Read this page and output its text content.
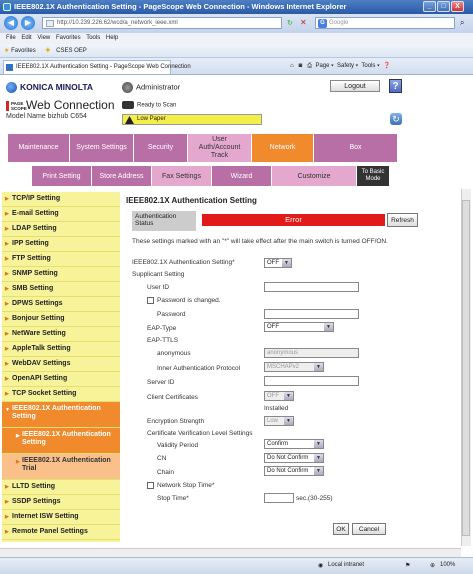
IEEE802.1X Authentication Setting - PageScope Web Connection - Windows Internet Explorer	_	□	X
◀	▶	http://10.239.226.62/wcd/a_network_ieee.xml	↻ ✕	G Google	⌕
File Edit View Favorites Tools Help
★ Favorites ✚ CSES OEP
IEEE802.1X Authentication Setting - PageScope Web Connection	⌂ ◙ ⎙ Page ▾  Safety ▾  Tools ▾  ❓
KONICA MINOLTA
PAGE SCOPEWeb Connection
Model Name bizhub C654
Administrator
Ready to Scan
Low Paper
Logout	?
↻
Maintenance	System Settings	Security
User Auth/Account Track
Network	Box
Print Setting	Store Address	Fax Settings	Wizard	Customize
To Basic Mode
▶ TCP/IP Setting
▶ E-mail Setting
▶ LDAP Setting
▶ IPP Setting
▶ FTP Setting
▶ SNMP Setting
▶ SMB Setting
▶ DPWS Settings
▶ Bonjour Setting
▶ NetWare Setting
▶ AppleTalk Setting
▶ WebDAV Settings
▶ OpenAPI Setting
▶ TCP Socket Setting
▼ IEEE802.1X Authentication Setting
▶ IEEE802.1X Authentication Setting
▶ IEEE802.1X Authentication Trial
▶ LLTD Setting
▶ SSDP Settings
▶ Internet ISW Setting
▶ Remote Panel Settings
IEEE802.1X Authentication Setting
Authentication Status	Error	Refresh
These settings marked with an "*" will take effect after the main switch is turned OFF/ON.
IEEE802.1X Authentication Setting*	OFF	▼
Supplicant Setting
User ID
Password is changed.
Password
EAP-Type	OFF	▼
EAP-TTLS
anonymous	anonymous
Inner Authentication Protocol	MSCHAPv2	▼
Server ID
Client Certificates	OFF	▼
Installed
Encryption Strength	Low	▼
Certificate Verification Level Settings
Validity Period	Confirm	▼
CN	Do Not Confirm	▼
Chain	Do Not Confirm	▼
Network Stop Time*
Stop Time*	sec.(30-255)
OK	Cancel
◉ Local intranet	⚑	⊕ 100%
